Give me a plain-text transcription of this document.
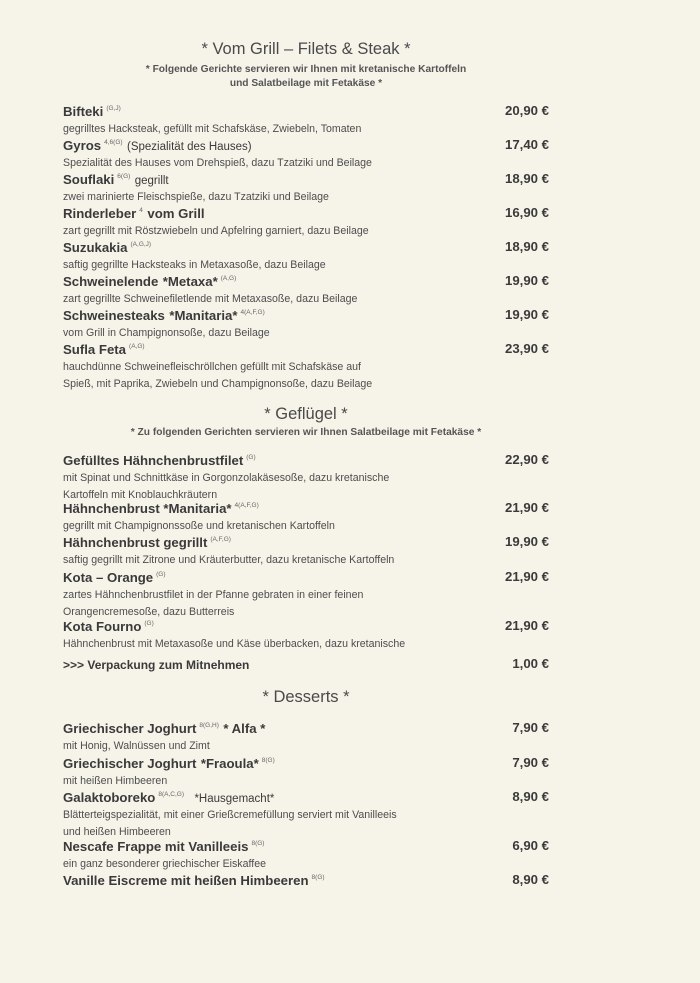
* Vom Grill – Filets & Steak *

* Folgende Gerichte servieren wir Ihnen mit kretanische Kartoffeln

und Salatbeilage mit Fetakäse *

Bifteki $^{(G,J)}$	20,90 €
gegrilltes Hacksteak, gefüllt mit Schafskäse, Zwiebeln, Tomaten
Gyros $^{4,6(G)}$ (Spezialität des Hauses)	17,40 €
Spezialität des Hauses vom Drehspieß, dazu Tzatziki und Beilage
Souflaki $^{6(G)}$ gegrillt	18,90 €
zwei marinierte Fleischspieße, dazu Tzatziki und Beilage
Rinderleber $^4$ vom Grill	16,90 €
zart gegrillt mit Röstzwiebeln und Apfelring garniert, dazu Beilage
Suzukakia $^{(A,G,J)}$	18,90 €
saftig gegrillte Hacksteaks in Metaxasoße, dazu Beilage
Schweinelende *Metaxa* $^{(A,G)}$	19,90 €
zart gegrillte Schweinefiletlende mit Metaxasoße, dazu Beilage
Schweinesteaks *Manitaria* $^{4(A,F,G)}$	19,90 €
vom Grill in Champignonsoße, dazu Beilage
Sufla Feta $^{(A,G)}$	23,90 €
hauchdünne Schweinefleischröllchen gefüllt mit Schafskäse auf
Spieß, mit Paprika, Zwiebeln und Champignonsoße, dazu Beilage
* Geflügel *

* Zu folgenden Gerichten servieren wir Ihnen Salatbeilage mit Fetakäse *

Gefülltes Hähnchenbrustfilet $^{(G)}$	22,90 €
mit Spinat und Schnittkäse in Gorgonzolakäsesoße, dazu kretanische
Kartoffeln mit Knoblauchkräutern
Hähnchenbrust *Manitaria* $^{4(A,F,G)}$	21,90 €
gegrillt mit Champignonssoße und kretanischen Kartoffeln
Hähnchenbrust gegrillt $^{(A,F,G)}$	19,90 €
saftig gegrillt mit Zitrone und Kräuterbutter, dazu kretanische Kartoffeln
Kota – Orange $^{(G)}$	21,90 €
zartes Hähnchenbrustfilet in der Pfanne gebraten in einer feinen
Orangencremesoße, dazu Butterreis
Kota Fourno $^{(G)}$	21,90 €
Hähnchenbrust mit Metaxasoße und Käse überbacken, dazu kretanische
>>> Verpackung zum Mitnehmen	1,00 €
* Desserts *
Griechischer Joghurt $^{8(G,H)}$ * Alfa *	7,90 €
mit Honig, Walnüssen und Zimt
Griechischer Joghurt *Fraoula* $^{8(G)}$	7,90 €
mit heißen Himbeeren
Galaktoboreko $^{8(A,C,G)}$ *Hausgemacht*	8,90 €
Blätterteigspezialität, mit einer Grießcremefüllung serviert mit Vanilleeis
und heißen Himbeeren
Nescafe Frappe mit Vanilleeis $^{8(G)}$	6,90 €
ein ganz besonderer griechischer Eiskaffee
Vanille Eiscreme mit heißen Himbeeren $^{8(G)}$	8,90 €
